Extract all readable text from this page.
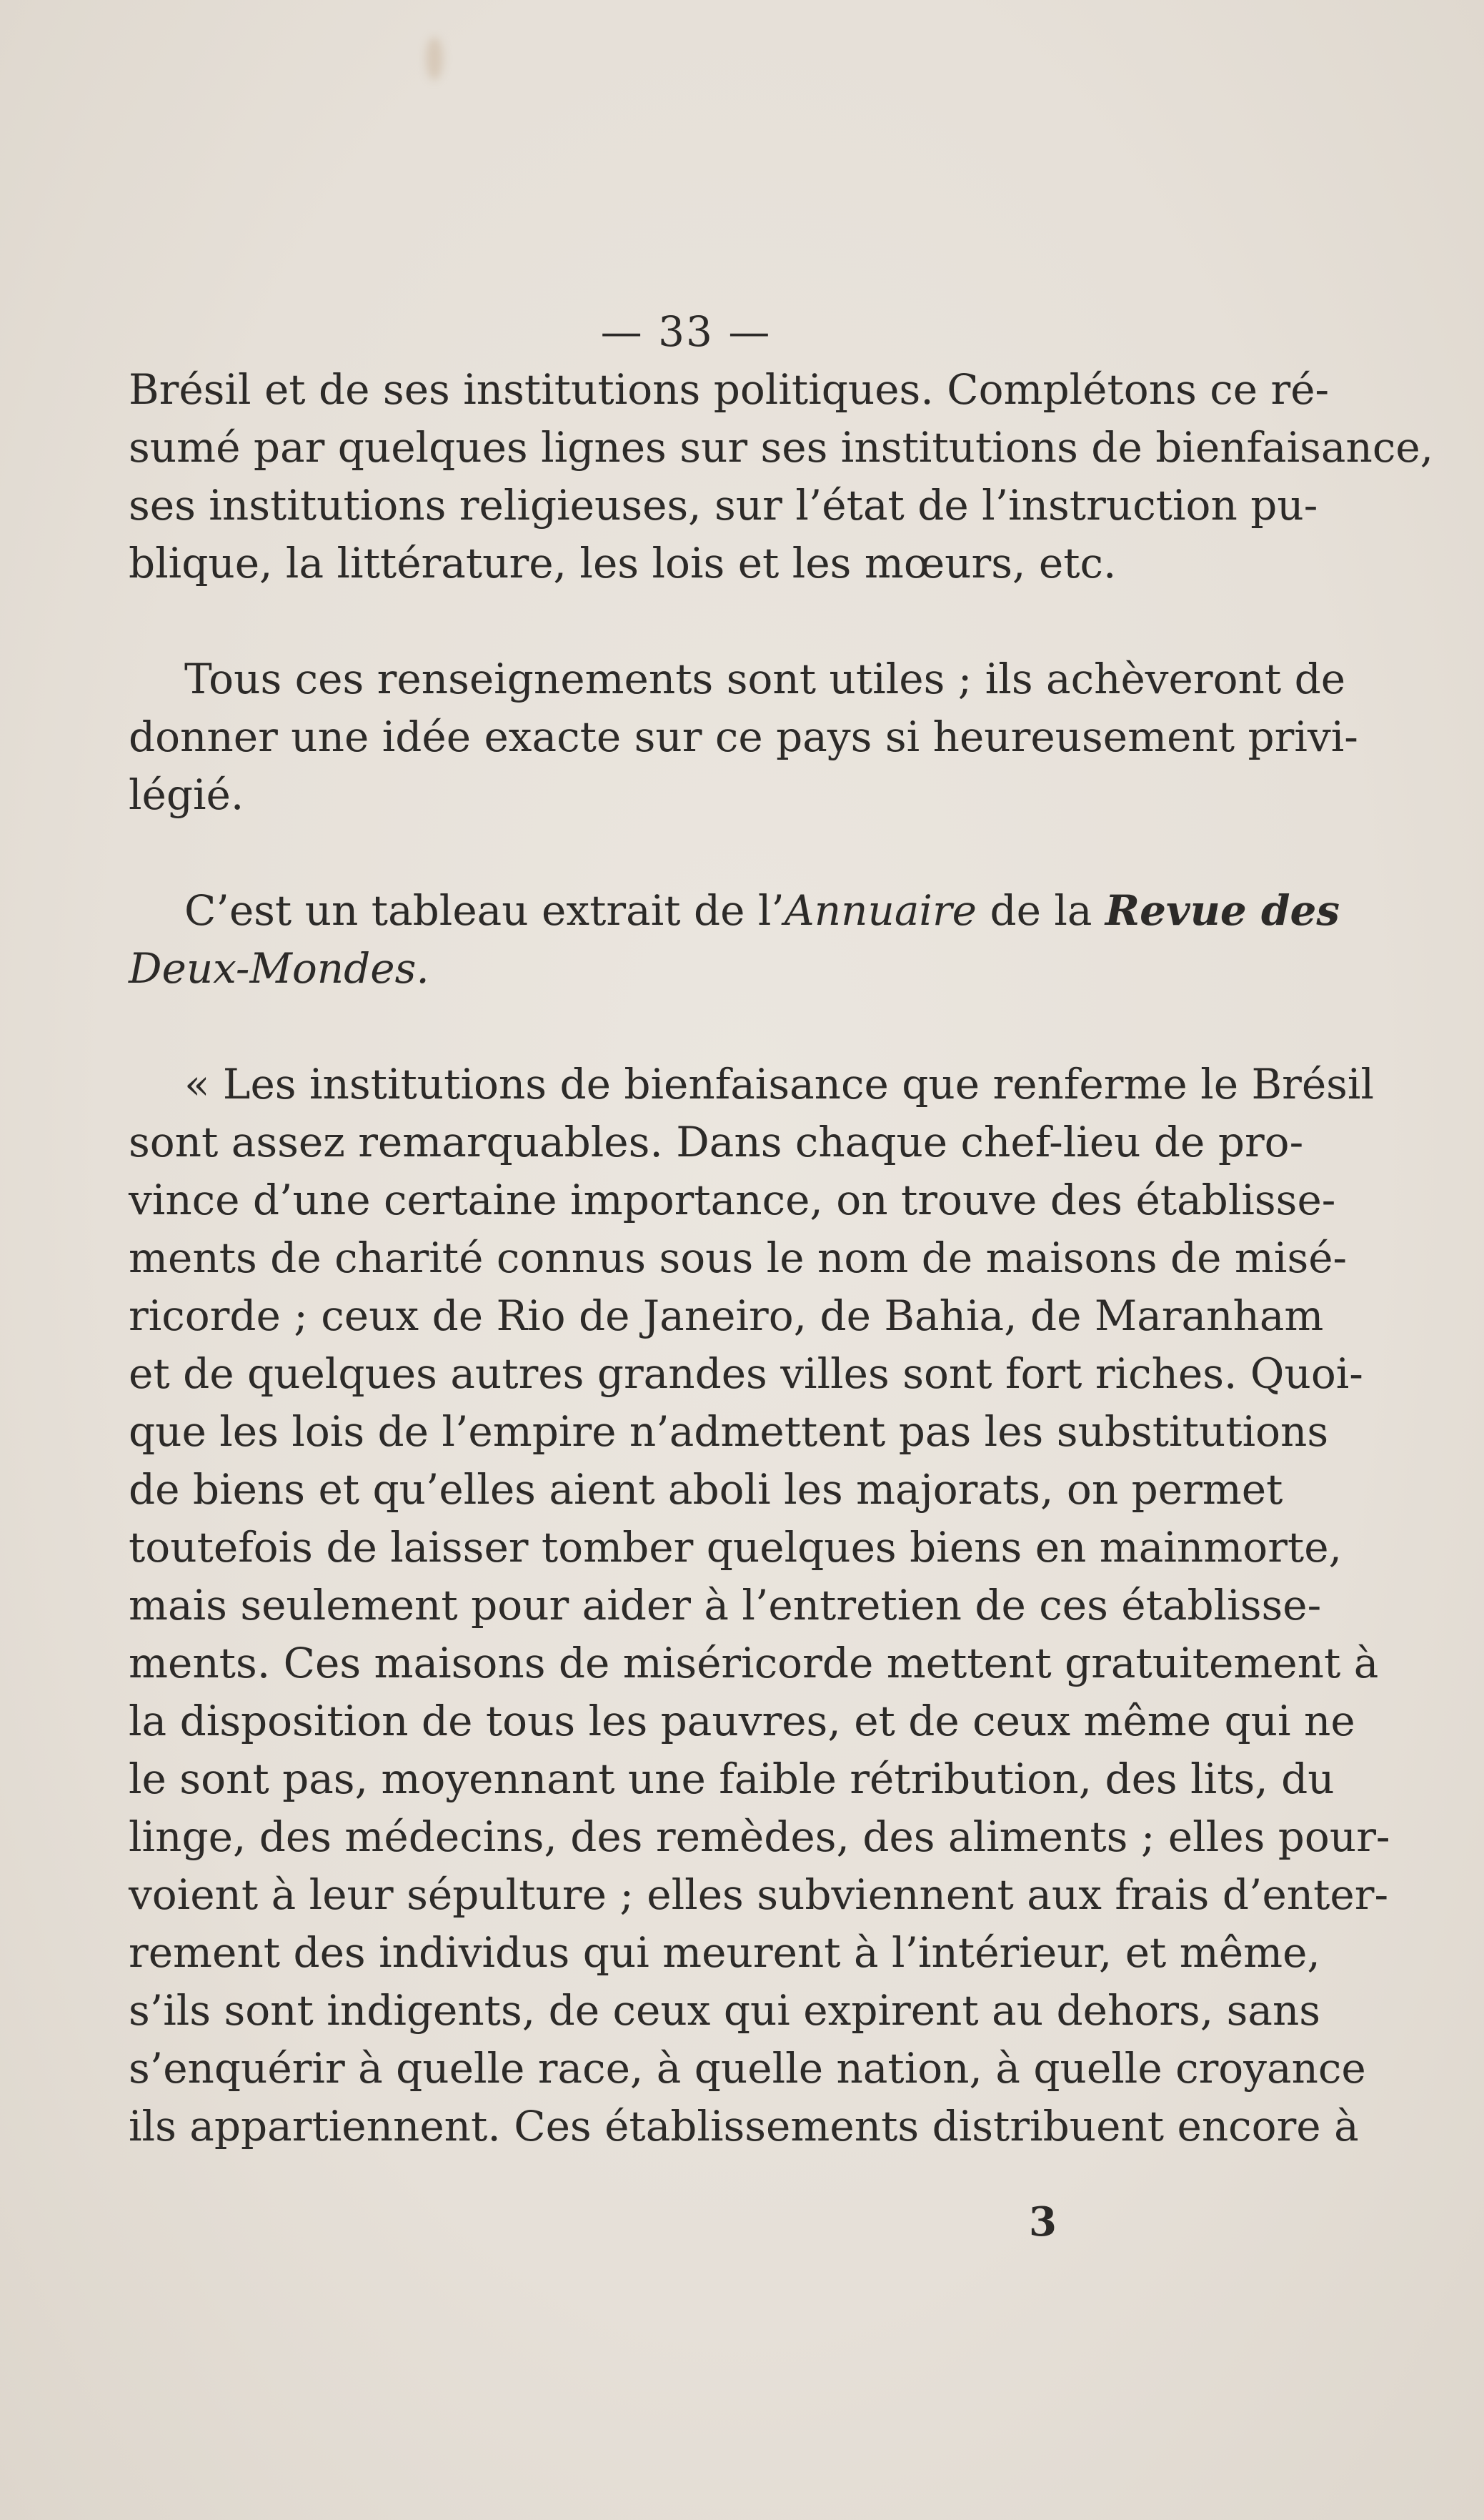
— 33 —

Brésil et de ses institutions politiques. Complétons ce ré-
sumé par quelques lignes sur ses institutions de bienfaisance,
ses institutions religieuses, sur l’état de l’instruction pu-
blique, la littérature, les lois et les mœurs, etc.

Tous ces renseignements sont utiles ; ils achèveront de
donner une idée exacte sur ce pays si heureusement privi-
légié.

C’est un tableau extrait de l’Annuaire de la Revue des
Deux-Mondes.

« Les institutions de bienfaisance que renferme le Brésil
sont assez remarquables. Dans chaque chef-lieu de pro-
vince d’une certaine importance, on trouve des établisse-
ments de charité connus sous le nom de maisons de misé-
ricorde ; ceux de Rio de Janeiro, de Bahia, de Maranham
et de quelques autres grandes villes sont fort riches. Quoi-
que les lois de l’empire n’admettent pas les substitutions
de biens et qu’elles aient aboli les majorats, on permet
toutefois de laisser tomber quelques biens en mainmorte,
mais seulement pour aider à l’entretien de ces établisse-
ments. Ces maisons de miséricorde mettent gratuitement à
la disposition de tous les pauvres, et de ceux même qui ne
le sont pas, moyennant une faible rétribution, des lits, du
linge, des médecins, des remèdes, des aliments ; elles pour-
voient à leur sépulture ; elles subviennent aux frais d’enter-
rement des individus qui meurent à l’intérieur, et même,
s’ils sont indigents, de ceux qui expirent au dehors, sans
s’enquérir à quelle race, à quelle nation, à quelle croyance
ils appartiennent. Ces établissements distribuent encore à

3
